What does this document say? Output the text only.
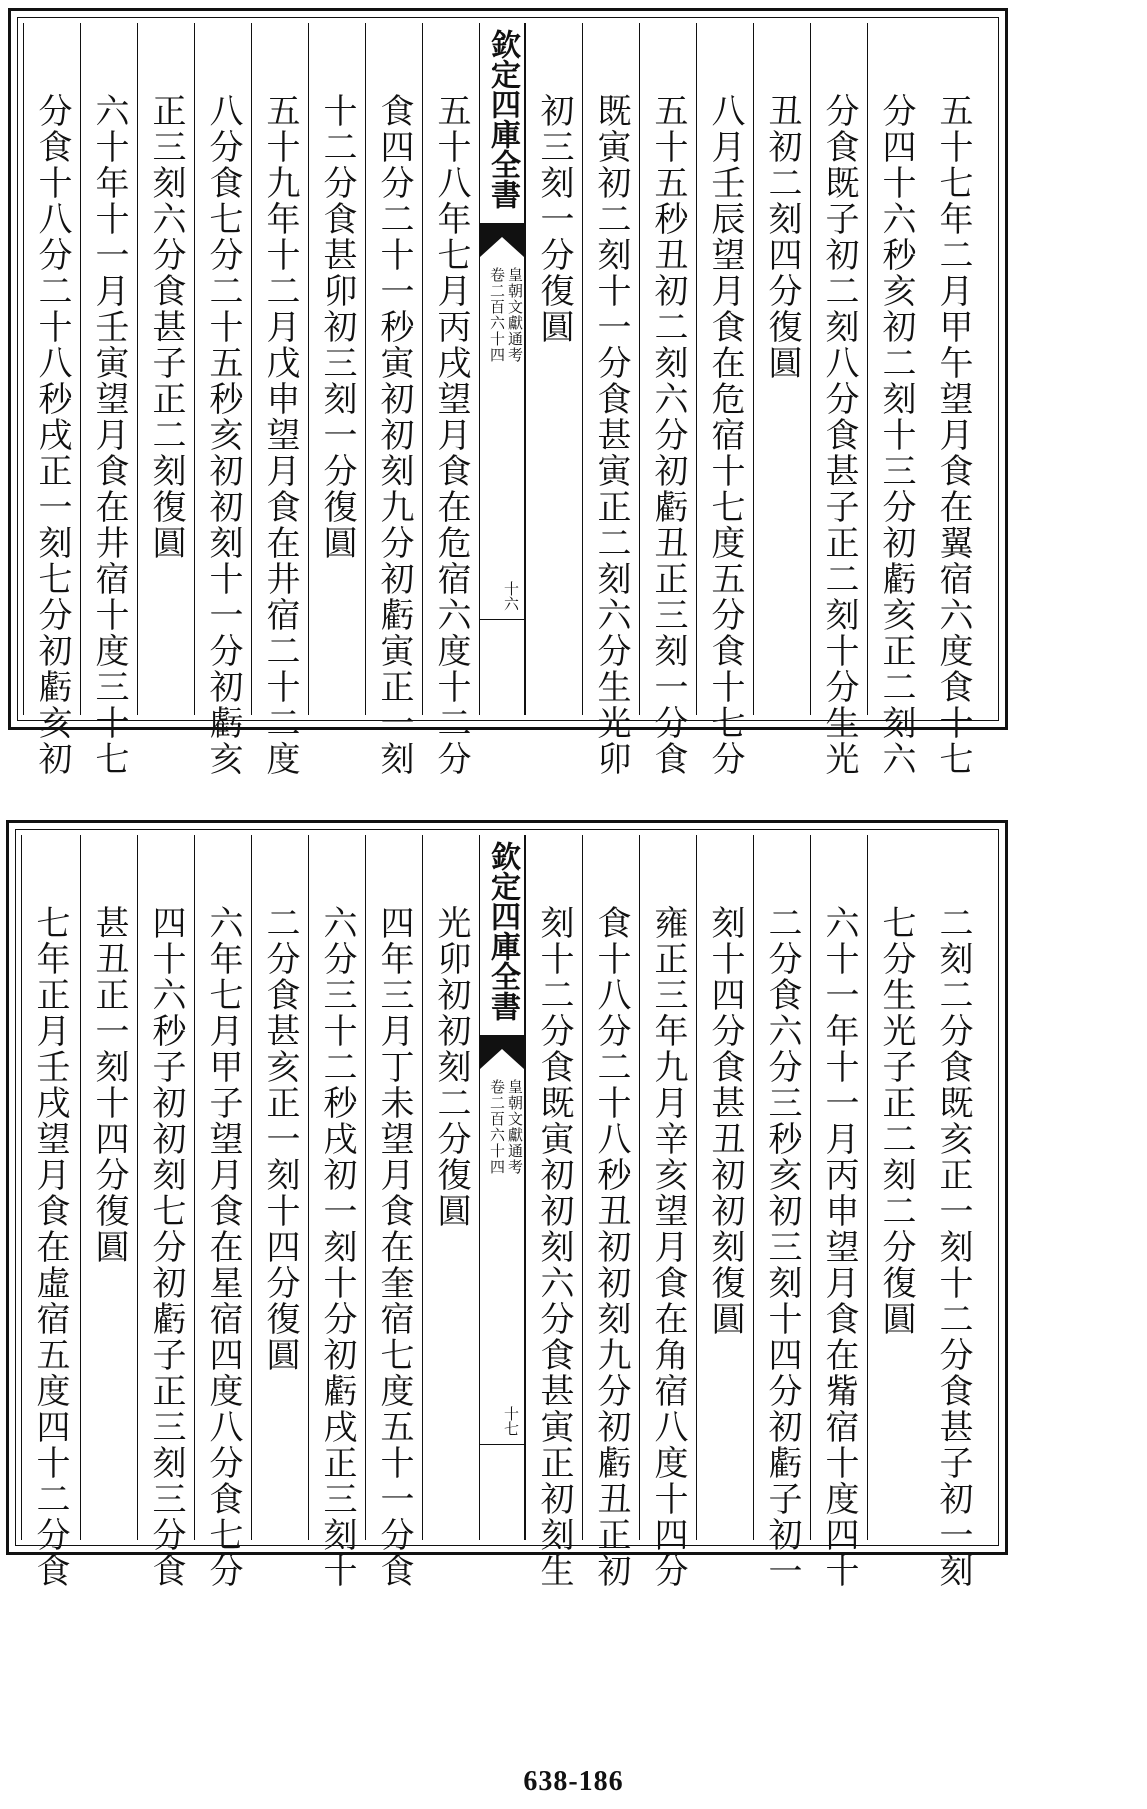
五十七年二月甲午望月食在翼宿六度食十七
分四十六秒亥初二刻十三分初虧亥正二刻六
分食既子初二刻八分食甚子正二刻十分生光
丑初二刻四分復圓
八月壬辰望月食在危宿十七度五分食十七分
五十五秒丑初二刻六分初虧丑正三刻一分食
既寅初二刻十一分食甚寅正二刻六分生光卯
初三刻一分復圓
欽定四庫全書
皇朝文獻通考
卷二百六十四
十六
五十八年七月丙戌望月食在危宿六度十二分
食四分二十一秒寅初初刻九分初虧寅正一刻
十二分食甚卯初三刻一分復圓
五十九年十二月戊申望月食在井宿二十二度
八分食七分二十五秒亥初初刻十一分初虧亥
正三刻六分食甚子正二刻復圓
六十年十一月壬寅望月食在井宿十度三十七
分食十八分二十八秒戌正一刻七分初虧亥初
二刻二分食既亥正一刻十二分食甚子初一刻
七分生光子正二刻二分復圓
六十一年十一月丙申望月食在觜宿十度四十
二分食六分三秒亥初三刻十四分初虧子初一
刻十四分食甚丑初初刻復圓
雍正三年九月辛亥望月食在角宿八度十四分
食十八分二十八秒丑初初刻九分初虧丑正初
刻十二分食既寅初初刻六分食甚寅正初刻生
欽定四庫全書
皇朝文獻通考
卷二百六十四
十七
光卯初初刻二分復圓
四年三月丁未望月食在奎宿七度五十一分食
六分三十二秒戌初一刻十分初虧戌正三刻十
二分食甚亥正一刻十四分復圓
六年七月甲子望月食在星宿四度八分食七分
四十六秒子初初刻七分初虧子正三刻三分食
甚丑正一刻十四分復圓
七年正月壬戌望月食在虛宿五度四十二分食
638-186
